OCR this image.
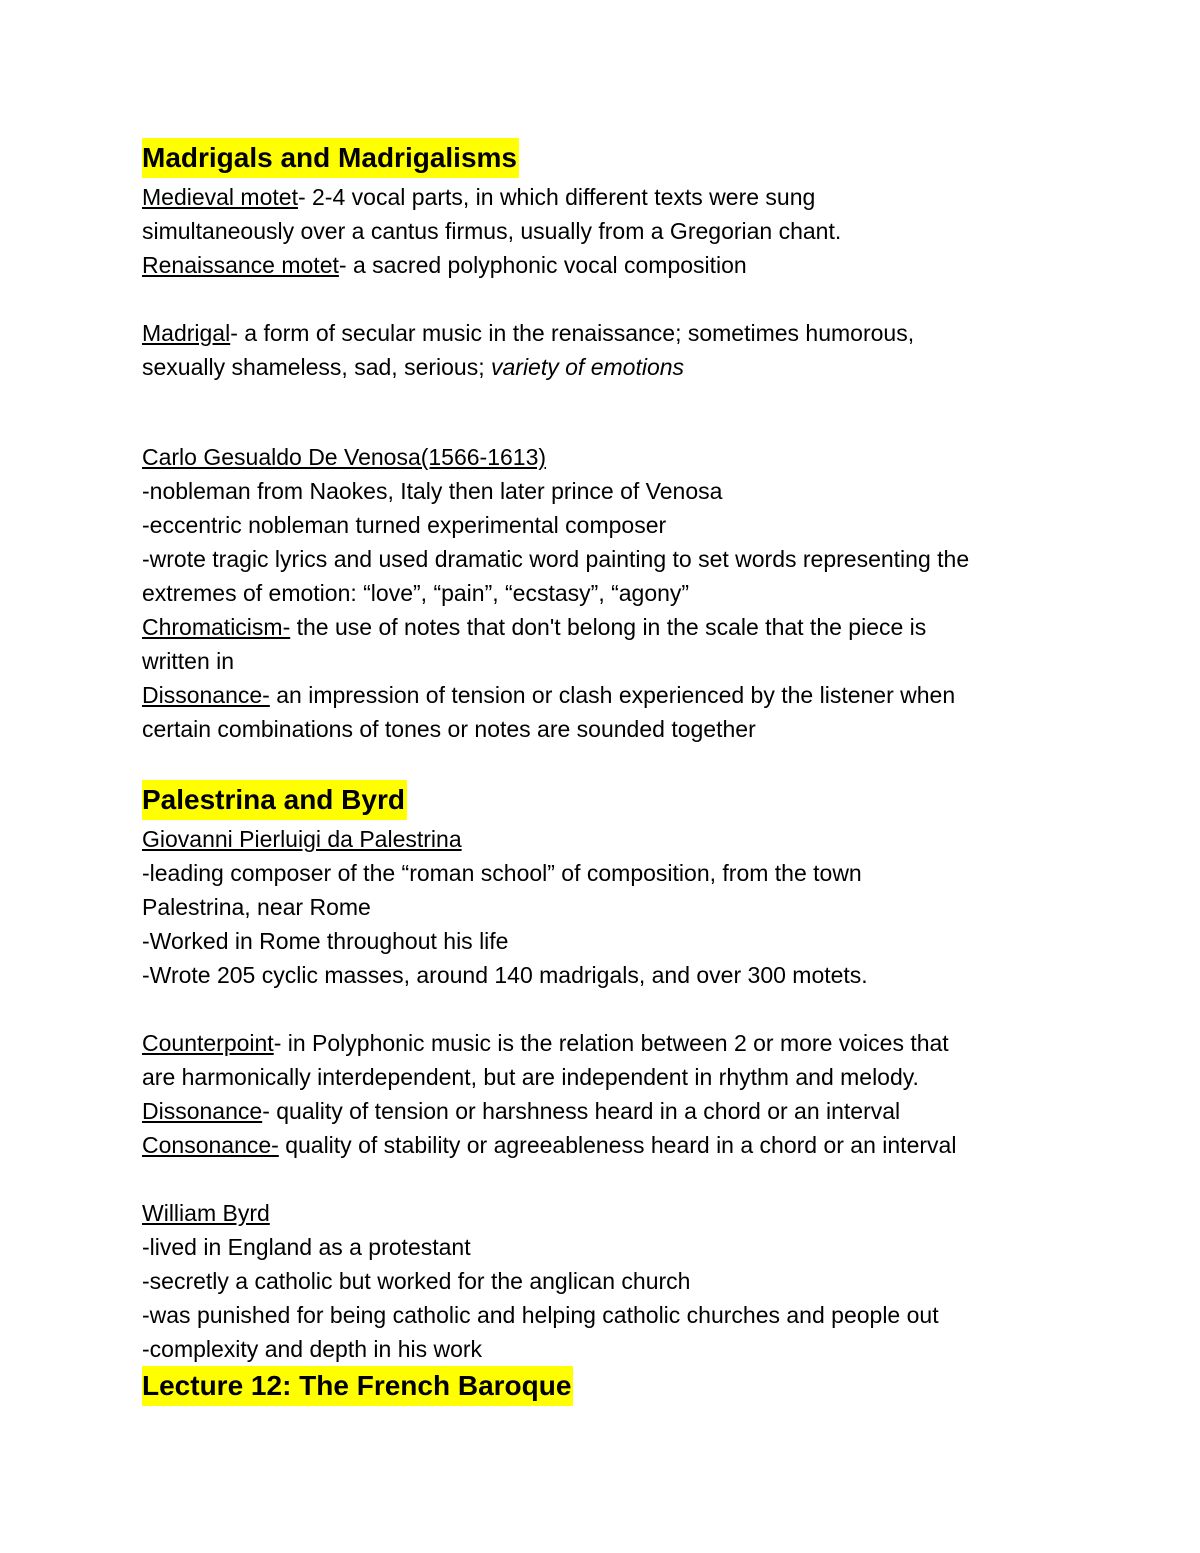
Madrigals and Madrigalisms
Medieval motet- 2-4 vocal parts, in which different texts were sung
simultaneously over a cantus firmus, usually from a Gregorian chant.
Renaissance motet- a sacred polyphonic vocal composition
Madrigal- a form of secular music in the renaissance; sometimes humorous,
sexually shameless, sad, serious; variety of emotions
Carlo Gesualdo De Venosa(1566-1613)
-nobleman from Naokes, Italy then later prince of Venosa
-eccentric nobleman turned experimental composer
-wrote tragic lyrics and used dramatic word painting to set words representing the
extremes of emotion: “love”, “pain”, “ecstasy”, “agony”
Chromaticism- the use of notes that don't belong in the scale that the piece is
written in
Dissonance- an impression of tension or clash experienced by the listener when
certain combinations of tones or notes are sounded together
Palestrina and Byrd
Giovanni Pierluigi da Palestrina
-leading composer of the “roman school” of composition, from the town
Palestrina, near Rome
-Worked in Rome throughout his life
-Wrote 205 cyclic masses, around 140 madrigals, and over 300 motets.
Counterpoint- in Polyphonic music is the relation between 2 or more voices that
are harmonically interdependent, but are independent in rhythm and melody.
Dissonance- quality of tension or harshness heard in a chord or an interval
Consonance- quality of stability or agreeableness heard in a chord or an interval
William Byrd
-lived in England as a protestant
-secretly a catholic but worked for the anglican church
-was punished for being catholic and helping catholic churches and people out
-complexity and depth in his work
Lecture 12: The French Baroque
